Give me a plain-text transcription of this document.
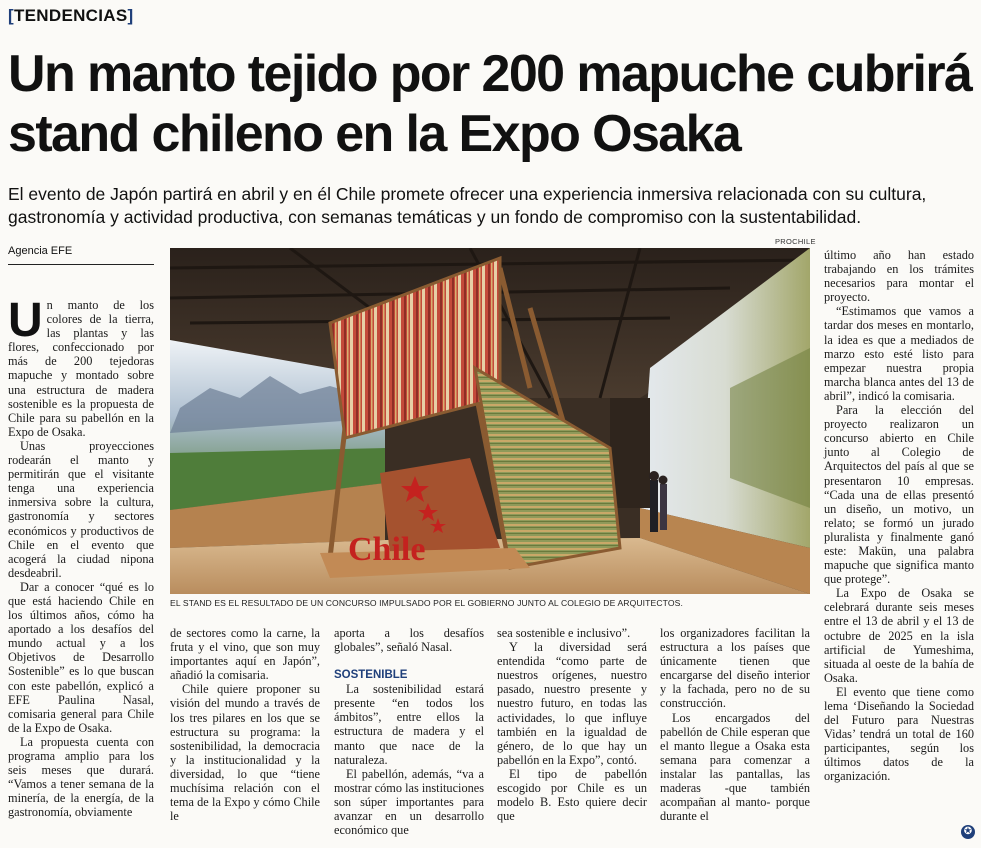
[TENDENCIAS]
Un manto tejido por 200 mapuche cubrirá stand chileno en la Expo Osaka

El evento de Japón partirá en abril y en él Chile promete ofrecer una experiencia inmersiva relacionada con su cultura, gastronomía y actividad productiva, con semanas temáticas y un fondo de compromiso con la sustentabilidad.

Agencia EFE
PROCHILE
Chile
EL STAND ES EL RESULTADO DE UN CONCURSO IMPULSADO POR EL GOBIERNO JUNTO AL COLEGIO DE ARQUITECTOS.

Un manto de los colores de la tierra, las plantas y las flores, confeccionado por más de 200 tejedoras mapuche y montado sobre una estructura de madera sostenible es la propuesta de Chile para su pabellón en la Expo de Osaka.

Unas proyecciones rodearán el manto y permitirán que el visitante tenga una experiencia inmersiva sobre la cultura, gastronomía y sectores económicos y productivos de Chile en el evento que acogerá la ciudad nipona desdeabril.

Dar a conocer “qué es lo que está haciendo Chile en los últimos años, cómo ha aportado a los desafíos del mundo actual y a los Objetivos de Desarrollo Sostenible” es lo que buscan con este pabellón, explicó a EFE Paulina Nasal, comisaria general para Chile de la Expo de Osaka.

La propuesta cuenta con programa amplio para los seis meses que durará. “Vamos a tener semana de la minería, de la energía, de la gastronomía, obviamente

de sectores como la carne, la fruta y el vino, que son muy importantes aquí en Japón”, añadió la comisaria.

Chile quiere proponer su visión del mundo a través de los tres pilares en los que se estructura su programa: la sostenibilidad, la democracia y la institucionalidad y la diversidad, lo que “tiene muchísima relación con el tema de la Expo y cómo Chile le

aporta a los desafíos globales”, señaló Nasal.

SOSTENIBLE

La sostenibilidad estará presente “en todos los ámbitos”, entre ellos la estructura de madera y el manto que nace de la naturaleza.

El pabellón, además, “va a mostrar cómo las instituciones son súper importantes para avanzar en un desarrollo económico que

sea sostenible e inclusivo”.

Y la diversidad será entendida “como parte de nuestros orígenes, nuestro pasado, nuestro presente y nuestro futuro, en todas las actividades, lo que influye también en la igualdad de género, de lo que hay un pabellón en la Expo”, contó.

El tipo de pabellón escogido por Chile es un modelo B. Esto quiere decir que

los organizadores facilitan la estructura a los países que únicamente tienen que encargarse del diseño interior y la fachada, pero no de su construcción.

Los encargados del pabellón de Chile esperan que el manto llegue a Osaka esta semana para comenzar a instalar las pantallas, las maderas -que también acompañan al manto- porque durante el

último año han estado trabajando en los trámites necesarios para montar el proyecto.

“Estimamos que vamos a tardar dos meses en montarlo, la idea es que a mediados de marzo esto esté listo para empezar nuestra propia marcha blanca antes del 13 de abril”, indicó la comisaria.

Para la elección del proyecto realizaron un concurso abierto en Chile junto al Colegio de Arquitectos del país al que se presentaron 10 empresas. “Cada una de ellas presentó un diseño, un motivo, un relato; se formó un jurado pluralista y finalmente ganó este: Makün, una palabra mapuche que significa manto que protege”.

La Expo de Osaka se celebrará durante seis meses entre el 13 de abril y el 13 de octubre de 2025 en la isla artificial de Yumeshima, situada al oeste de la bahía de Osaka.

El evento que tiene como lema ‘Diseñando la Sociedad del Futuro para Nuestras Vidas’ tendrá un total de 160 participantes, según los últimos datos de la organización.

✪
